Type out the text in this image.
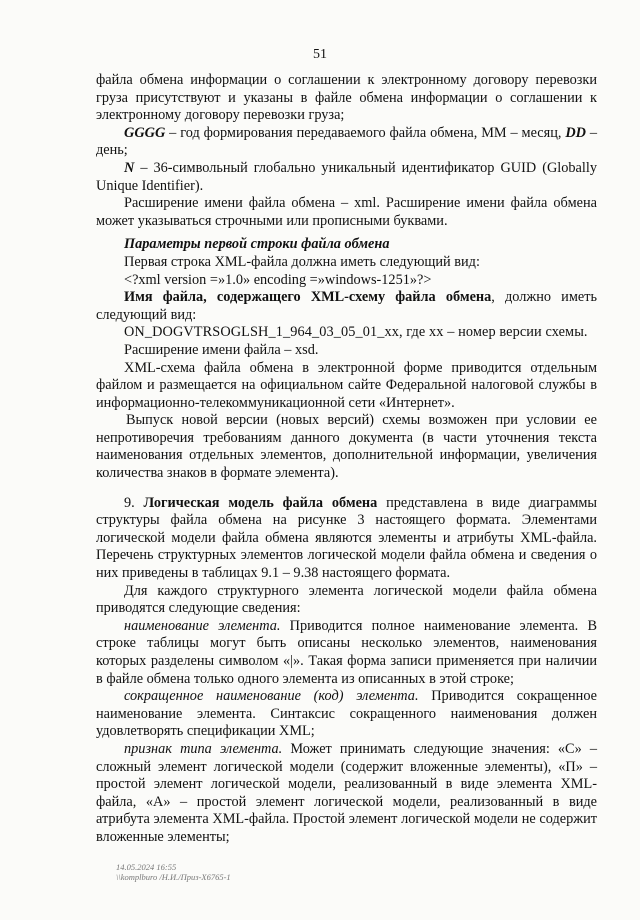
51

файла обмена информации о соглашении к электронному договору перевозки груза присутствуют и указаны в файле обмена информации о соглашении к электронному договору перевозки груза;

GGGG – год формирования передаваемого файла обмена, ММ – месяц, DD – день;

N – 36-символьный глобально уникальный идентификатор GUID (Globally Unique Identifier).

Расширение имени файла обмена – xml. Расширение имени файла обмена может указываться строчными или прописными буквами.

Параметры первой строки файла обмена

Первая строка XML-файла должна иметь следующий вид:

<?xml version =»1.0» encoding =»windows-1251»?>

Имя файла, содержащего XML-схему файла обмена, должно иметь следующий вид:

ON_DOGVTRSOGLSH_1_964_03_05_01_xx, где хх – номер версии схемы.

Расширение имени файла – xsd.

XML-схема файла обмена в электронной форме приводится отдельным файлом и размещается на официальном сайте Федеральной налоговой службы в информационно-телекоммуникационной сети «Интернет».

Выпуск новой версии (новых версий) схемы возможен при условии ее непротиворечия требованиям данного документа (в части уточнения текста наименования отдельных элементов, дополнительной информации, увеличения количества знаков в формате элемента).

9. Логическая модель файла обмена представлена в виде диаграммы структуры файла обмена на рисунке 3 настоящего формата. Элементами логической модели файла обмена являются элементы и атрибуты XML-файла. Перечень структурных элементов логической модели файла обмена и сведения о них приведены в таблицах 9.1 – 9.38 настоящего формата.

Для каждого структурного элемента логической модели файла обмена приводятся следующие сведения:

наименование элемента. Приводится полное наименование элемента. В строке таблицы могут быть описаны несколько элементов, наименования которых разделены символом «|». Такая форма записи применяется при наличии в файле обмена только одного элемента из описанных в этой строке;

сокращенное наименование (код) элемента. Приводится сокращенное наименование элемента. Синтаксис сокращенного наименования должен удовлетворять спецификации XML;

признак типа элемента. Может принимать следующие значения: «С» – сложный элемент логической модели (содержит вложенные элементы), «П» – простой элемент логической модели, реализованный в виде элемента XML-файла, «А» – простой элемент логической модели, реализованный в виде атрибута элемента XML-файла. Простой элемент логической модели не содержит вложенные элементы;

14.05.2024 16:55
\\komplburo /Н.И./Приз-Х6765-1
